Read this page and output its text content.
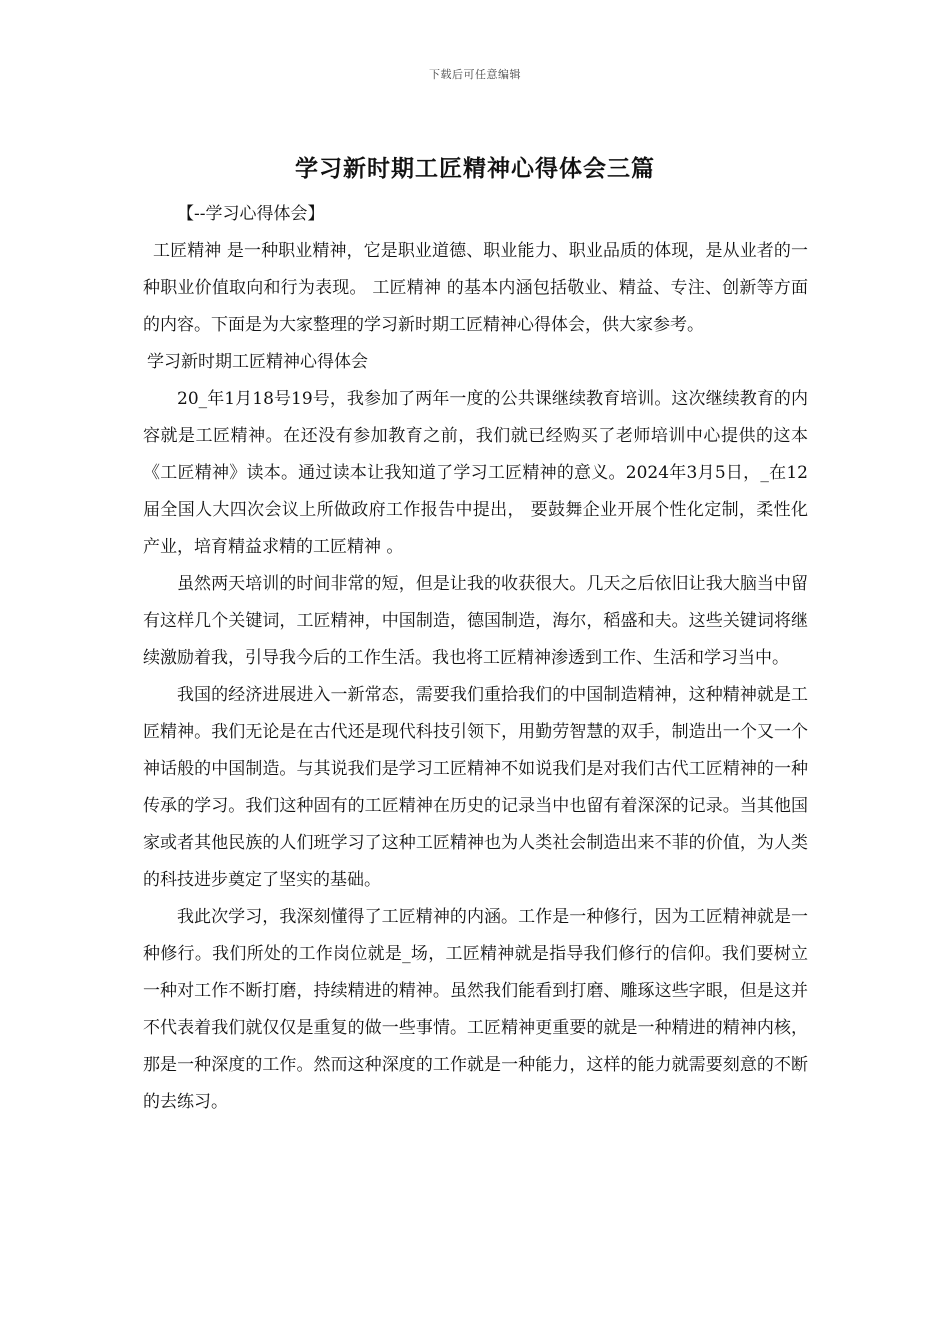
下载后可任意编辑
学习新时期工匠精神心得体会三篇

【--学习心得体会】

工匠精神 是一种职业精神，它是职业道德、职业能力、职业品质的体现，是从业者的一种职业价值取向和行为表现。 工匠精神 的基本内涵包括敬业、精益、专注、创新等方面的内容。下面是为大家整理的学习新时期工匠精神心得体会，供大家参考。

学习新时期工匠精神心得体会

20_年1月18号19号，我参加了两年一度的公共课继续教育培训。这次继续教育的内容就是工匠精神。在还没有参加教育之前，我们就已经购买了老师培训中心提供的这本《工匠精神》读本。通过读本让我知道了学习工匠精神的意义。2024年3月5日，_在12届全国人大四次会议上所做政府工作报告中提出， 要鼓舞企业开展个性化定制，柔性化产业，培育精益求精的工匠精神 。

虽然两天培训的时间非常的短，但是让我的收获很大。几天之后依旧让我大脑当中留有这样几个关键词，工匠精神，中国制造，德国制造，海尔，稻盛和夫。这些关键词将继续激励着我，引导我今后的工作生活。我也将工匠精神渗透到工作、生活和学习当中。

我国的经济进展进入一新常态，需要我们重拾我们的中国制造精神，这种精神就是工匠精神。我们无论是在古代还是现代科技引领下，用勤劳智慧的双手，制造出一个又一个神话般的中国制造。与其说我们是学习工匠精神不如说我们是对我们古代工匠精神的一种传承的学习。我们这种固有的工匠精神在历史的记录当中也留有着深深的记录。当其他国家或者其他民族的人们班学习了这种工匠精神也为人类社会制造出来不菲的价值，为人类的科技进步奠定了坚实的基础。

我此次学习，我深刻懂得了工匠精神的内涵。工作是一种修行，因为工匠精神就是一种修行。我们所处的工作岗位就是_场，工匠精神就是指导我们修行的信仰。我们要树立一种对工作不断打磨，持续精进的精神。虽然我们能看到打磨、雕琢这些字眼，但是这并不代表着我们就仅仅是重复的做一些事情。工匠精神更重要的就是一种精进的精神内核，那是一种深度的工作。然而这种深度的工作就是一种能力，这样的能力就需要刻意的不断的去练习。
